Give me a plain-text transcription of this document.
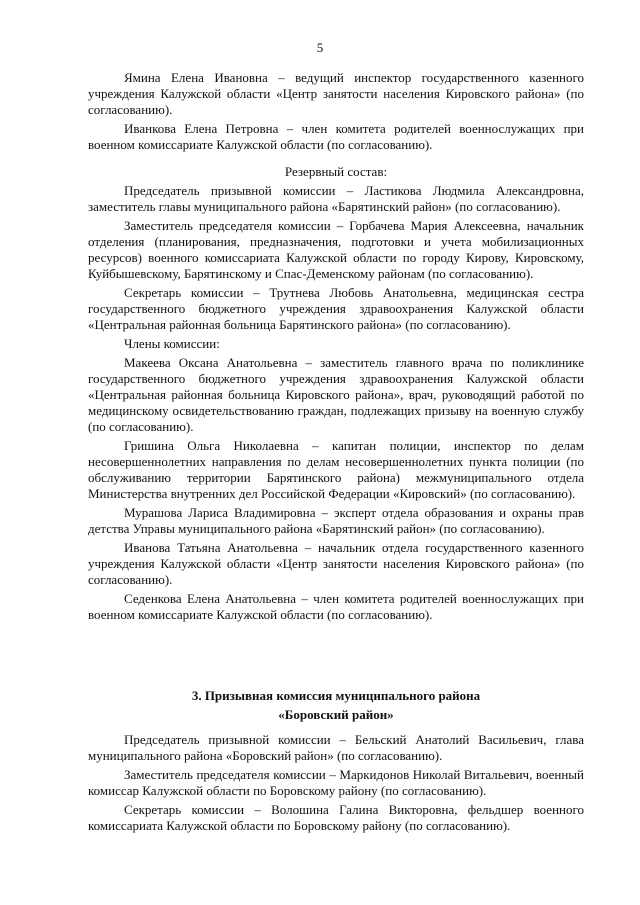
5

Ямина Елена Ивановна – ведущий инспектор государственного казенного учреждения Калужской области «Центр занятости населения Кировского района» (по согласованию).

Иванкова Елена Петровна – член комитета родителей военнослужащих при военном комиссариате Калужской области (по согласованию).

Резервный состав:

Председатель призывной комиссии – Ластикова Людмила Александровна, заместитель главы муниципального района «Барятинский район» (по согласованию).

Заместитель председателя комиссии – Горбачева Мария Алексеевна, начальник отделения (планирования, предназначения, подготовки и учета мобилизационных ресурсов) военного комиссариата Калужской области по городу Кирову, Кировскому, Куйбышевскому, Барятинскому и Спас-Деменскому районам (по согласованию).

Секретарь комиссии – Трутнева Любовь Анатольевна, медицинская сестра государственного бюджетного учреждения здравоохранения Калужской области «Центральная районная больница Барятинского района» (по согласованию).

Члены комиссии:

Макеева Оксана Анатольевна – заместитель главного врача по поликлинике государственного бюджетного учреждения здравоохранения Калужской области «Центральная районная больница Кировского района», врач, руководящий работой по медицинскому освидетельствованию граждан, подлежащих призыву на военную службу (по согласованию).

Гришина Ольга Николаевна – капитан полиции, инспектор по делам несовершеннолетних направления по делам несовершеннолетних пункта полиции (по обслуживанию территории Барятинского района) межмуниципального отдела Министерства внутренних дел Российской Федерации «Кировский» (по согласованию).

Мурашова Лариса Владимировна – эксперт отдела образования и охраны прав детства Управы муниципального района «Барятинский район» (по согласованию).

Иванова Татьяна Анатольевна – начальник отдела государственного казенного учреждения Калужской области «Центр занятости населения Кировского района» (по согласованию).

Седенкова Елена Анатольевна – член комитета родителей военнослужащих при военном комиссариате Калужской области (по согласованию).

3. Призывная комиссия муниципального района

«Боровский район»

Председатель призывной комиссии – Бельский Анатолий Васильевич, глава муниципального района «Боровский район» (по согласованию).

Заместитель председателя комиссии – Маркидонов Николай Витальевич, военный комиссар Калужской области по Боровскому району (по согласованию).

Секретарь комиссии – Волошина Галина Викторовна, фельдшер военного комиссариата Калужской области по Боровскому району (по согласованию).
